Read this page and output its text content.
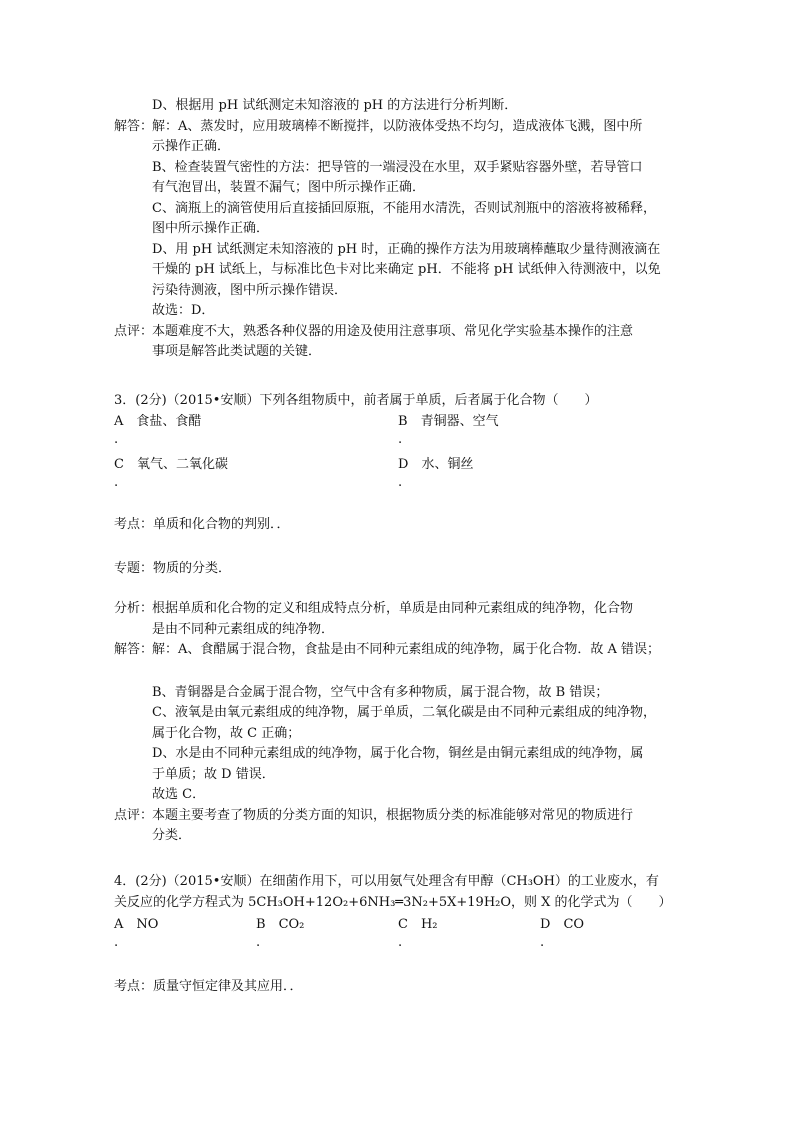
D、根据用 pH 试纸测定未知溶液的 pH 的方法进行分析判断．
解答：
解：A、蒸发时，应用玻璃棒不断搅拌，以防液体受热不均匀，造成液体飞溅，图中所
示操作正确．
B、检查装置气密性的方法：把导管的一端浸没在水里，双手紧贴容器外壁，若导管口
有气泡冒出，装置不漏气；图中所示操作正确．
C、滴瓶上的滴管使用后直接插回原瓶，不能用水清洗，否则试剂瓶中的溶液将被稀释，
图中所示操作正确．
D、用 pH 试纸测定未知溶液的 pH 时，正确的操作方法为用玻璃棒蘸取少量待测液滴在
干燥的 pH 试纸上，与标准比色卡对比来确定 pH．不能将 pH 试纸伸入待测液中，以免
污染待测液，图中所示操作错误．
故选：D．
点评：
本题难度不大，熟悉各种仪器的用途及使用注意事项、常见化学实验基本操作的注意
事项是解答此类试题的关键．
3．(2分)（2015•安顺）下列各组物质中，前者属于单质，后者属于化合物（　　）
A　 食盐、食醋	B　 青铜器、空气
.	.
C　 氧气、二氧化碳	D　 水、铜丝
.	.
考点：单质和化合物的判别．．
专题：物质的分类．
分析：
根据单质和化合物的定义和组成特点分析，单质是由同种元素组成的纯净物，化合物
是由不同种元素组成的纯净物．
解答：
解：A、食醋属于混合物，食盐是由不同种元素组成的纯净物，属于化合物．故 A 错误；
B、青铜器是合金属于混合物，空气中含有多种物质，属于混合物，故 B 错误；
C、液氧是由氧元素组成的纯净物，属于单质，二氧化碳是由不同种元素组成的纯净物，
属于化合物，故 C 正确；
D、水是由不同种元素组成的纯净物，属于化合物，铜丝是由铜元素组成的纯净物，属
于单质；故 D 错误．
故选 C．
点评：
本题主要考查了物质的分类方面的知识，根据物质分类的标准能够对常见的物质进行
分类．
4．(2分)（2015•安顺）在细菌作用下，可以用氨气处理含有甲醇（CH₃OH）的工业废水，有
关反应的化学方程式为 5CH₃OH+12O₂+6NH₃═3N₂+5X+19H₂O，则 X 的化学式为（　　）
A　 NO	B　 CO₂	C　 H₂	D　 CO
.	.	.	.
考点：质量守恒定律及其应用．．
